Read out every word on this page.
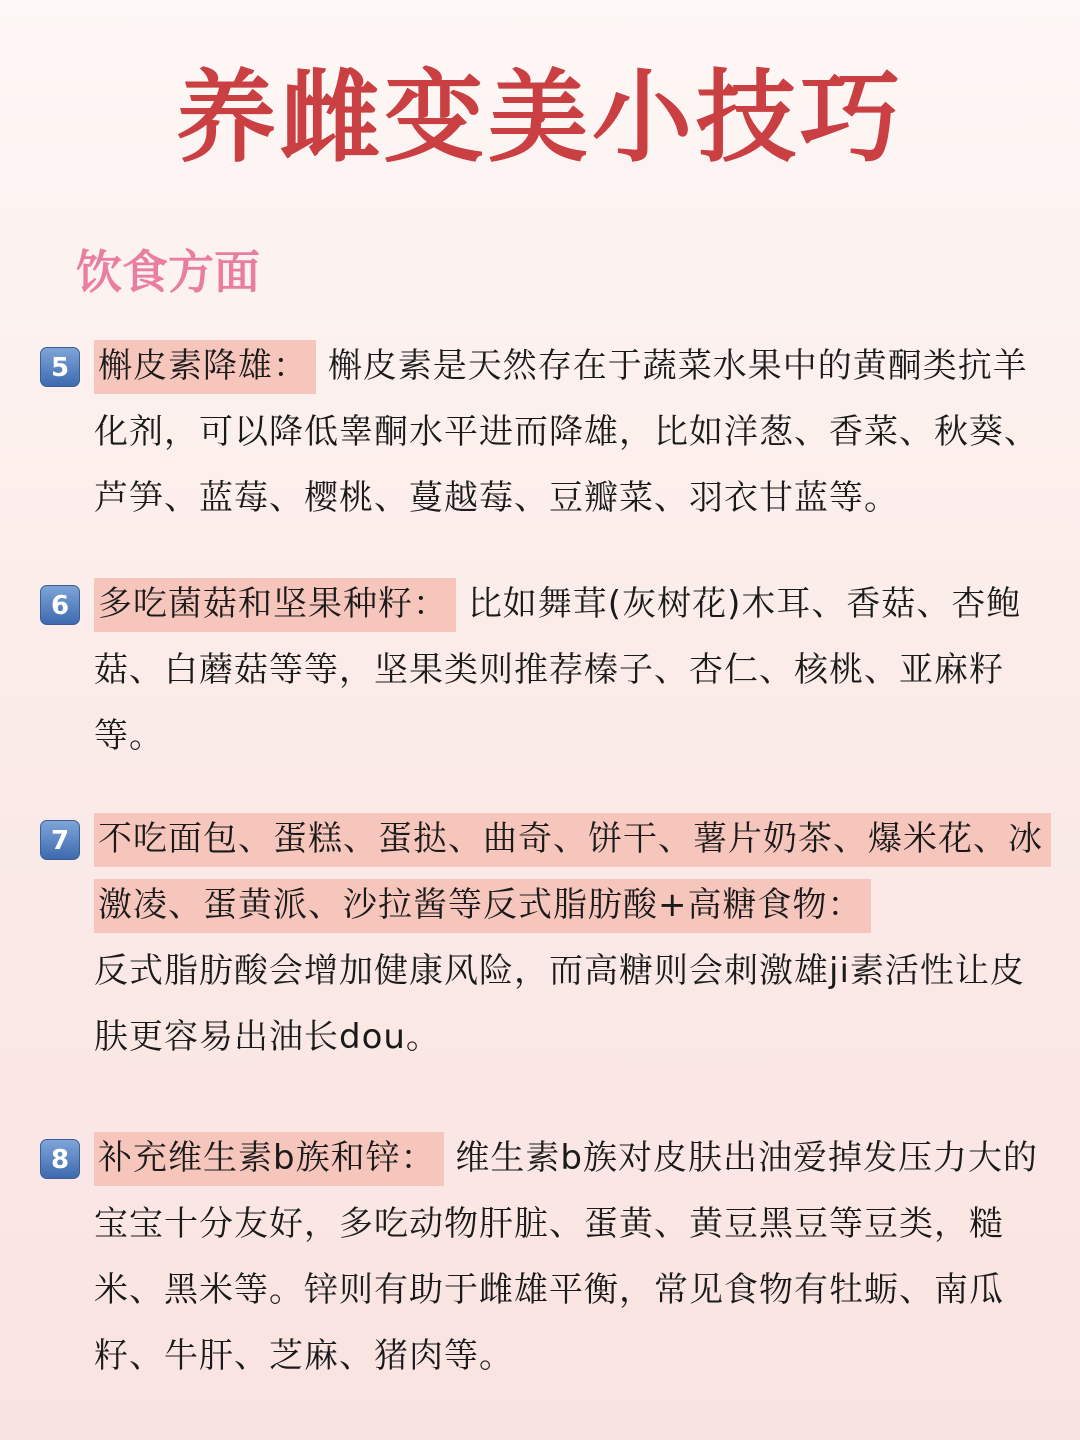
养雌变美小技巧
饮食方面
5 槲皮素降雄： 槲皮素是天然存在于蔬菜水果中的黄酮类抗羊化剂，可以降低睾酮水平进而降雄，比如洋葱、香菜、秋葵、芦笋、蓝莓、樱桃、蔓越莓、豆瓣菜、羽衣甘蓝等。
6 多吃菌菇和坚果种籽： 比如舞茸(灰树花)木耳、香菇、杏鲍菇、白蘑菇等等，坚果类则推荐榛子、杏仁、核桃、亚麻籽等。
7 不吃面包、蛋糕、蛋挞、曲奇、饼干、薯片奶茶、爆米花、冰激凌、蛋黄派、沙拉酱等反式脂肪酸+高糖食物：
反式脂肪酸会增加健康风险，而高糖则会刺激雄ji素活性让皮肤更容易出油长dou。
8 补充维生素b族和锌： 维生素b族对皮肤出油爱掉发压力大的宝宝十分友好，多吃动物肝脏、蛋黄、黄豆黑豆等豆类，糙米、黑米等。锌则有助于雌雄平衡，常见食物有牡蛎、南瓜籽、牛肝、芝麻、猪肉等。
